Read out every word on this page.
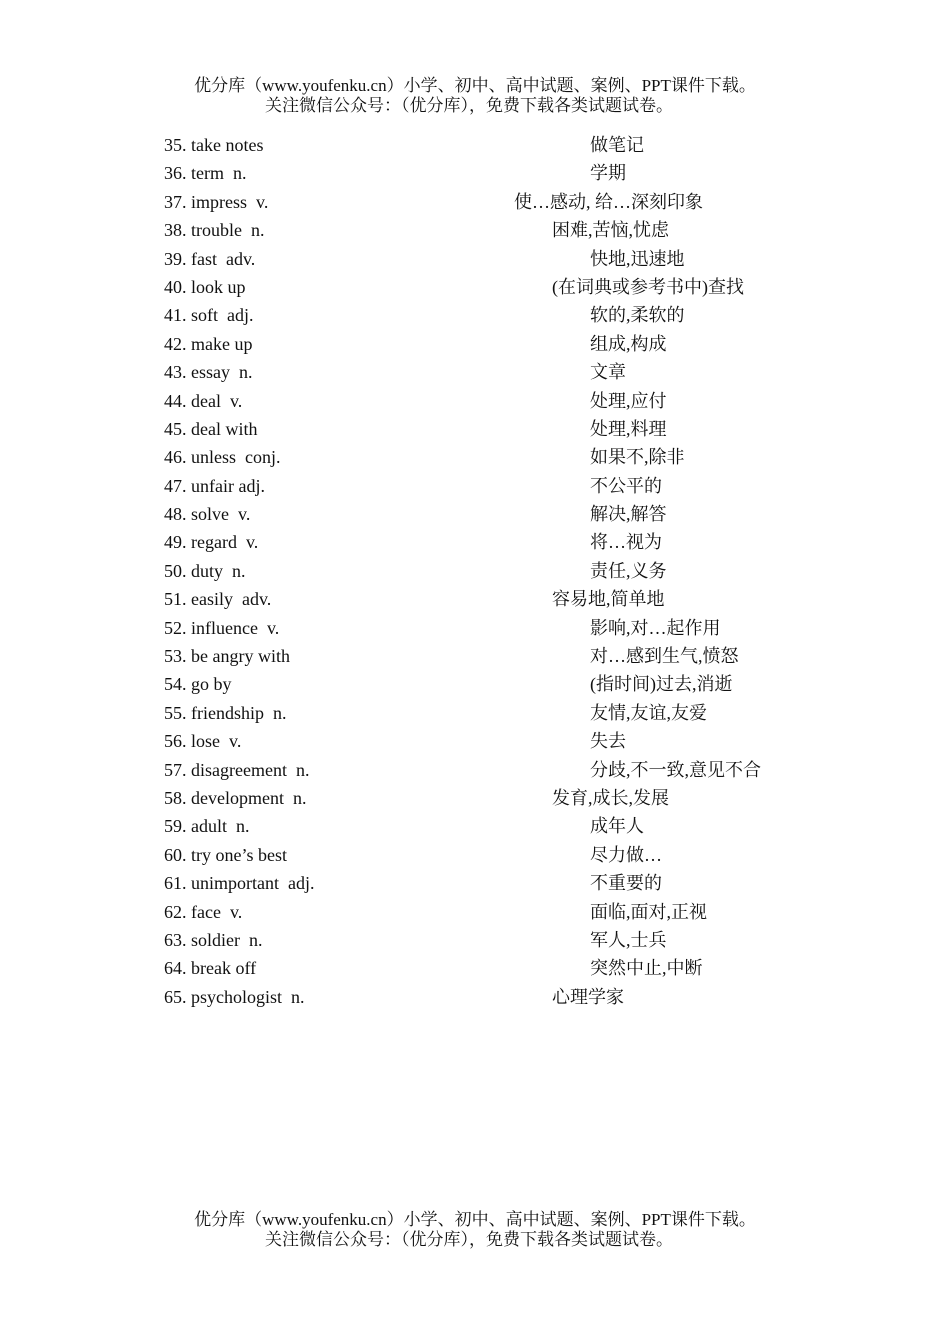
优分库（www.youfenku.cn）小学、初中、高中试题、案例、PPT课件下载。
关注微信公众号：（优分库），免费下载各类试题试卷。
35. take notes	做笔记
36. term  n.	学期
37. impress  v.	使…感动, 给…深刻印象
38. trouble  n.	困难,苦恼,忧虑
39. fast  adv.	快地,迅速地
40. look up	(在词典或参考书中)查找
41. soft  adj.	软的,柔软的
42. make up	组成,构成
43. essay  n.	文章
44. deal  v.	处理,应付
45. deal with	处理,料理
46. unless  conj.	如果不,除非
47. unfair adj.	不公平的
48. solve  v.	解决,解答
49. regard  v.	将…视为
50. duty  n.	责任,义务
51. easily  adv.	容易地,简单地
52. influence  v.	影响,对…起作用
53. be angry with	对…感到生气,愤怒
54. go by	(指时间)过去,消逝
55. friendship  n.	友情,友谊,友爱
56. lose  v.	失去
57. disagreement  n.	分歧,不一致,意见不合
58. development  n.	发育,成长,发展
59. adult  n.	成年人
60. try one’s best	尽力做…
61. unimportant  adj.	不重要的
62. face  v.	面临,面对,正视
63. soldier  n.	军人,士兵
64. break off	突然中止,中断
65. psychologist  n.	心理学家
优分库（www.youfenku.cn）小学、初中、高中试题、案例、PPT课件下载。
关注微信公众号：（优分库），免费下载各类试题试卷。
